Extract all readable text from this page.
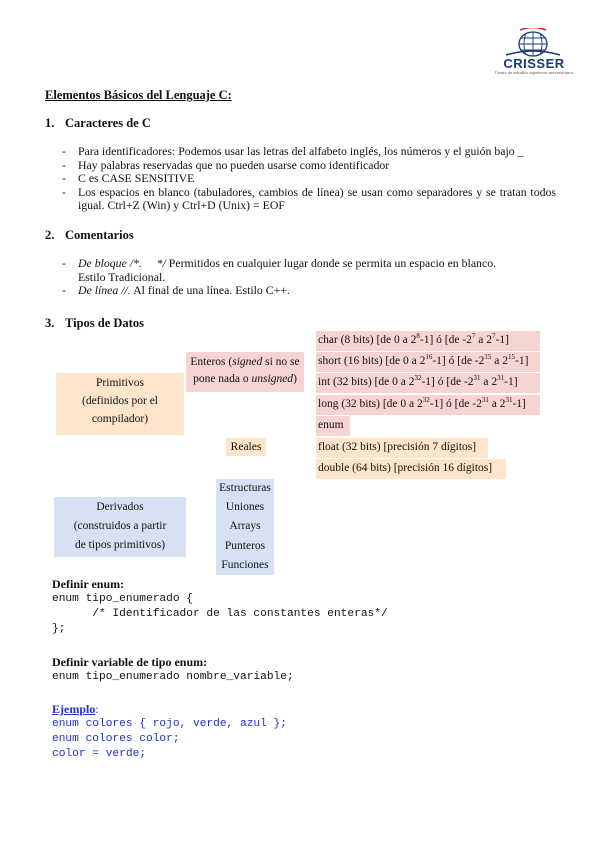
CRISSER
Centro de estudios superiores universitarios
Elementos Básicos del Lenguaje C:
1. Caracteres de C
- Para identificadores: Podemos usar las letras del alfabeto inglés, los números y el guión bajo _
- Hay palabras reservadas que no pueden usarse como identificador
- C es CASE SENSITIVE
- Los espacios en blanco (tabuladores, cambios de línea) se usan como separadores y se tratan todos igual. Ctrl+Z (Win) y Ctrl+D (Unix) = EOF
2. Comentarios
- De bloque /*.     */ Permitidos en cualquier lugar donde se permita un espacio en blanco.
Estilo Tradicional.
- De línea //. Al final de una línea. Estilo C++.
3. Tipos de Datos
Primitivos
(definidos por el
compilador)
Enteros (signed si no se
pone nada o unsigned)
Reales
char (8 bits) [de 0 a $2^8-1$] ó [de $-2^7$ a $2^7-1$]
short (16 bits) [de 0 a $2^{16}-1$] ó [de $-2^{15}$ a $2^{15}-1$]
int (32 bits) [de 0 a $2^{32}-1$] ó [de $-2^{31}$ a $2^{31}-1$]
long (32 bits) [de 0 a $2^{32}-1$] ó [de $-2^{31}$ a $2^{31}-1$]
enum
float (32 bits) [precisión 7 dígitos]
double (64 bits) [precisión 16 dígitos]
Derivados
(construidos a partir
de tipos primitivos)
Estructuras
Uniones
Arrays
Punteros
Funciones
Definir enum:
enum tipo_enumerado {
/* Identificador de las constantes enteras*/
};
Definir variable de tipo enum:
enum tipo_enumerado nombre_variable;
Ejemplo:
enum colores { rojo, verde, azul };
enum colores color;
color = verde;
